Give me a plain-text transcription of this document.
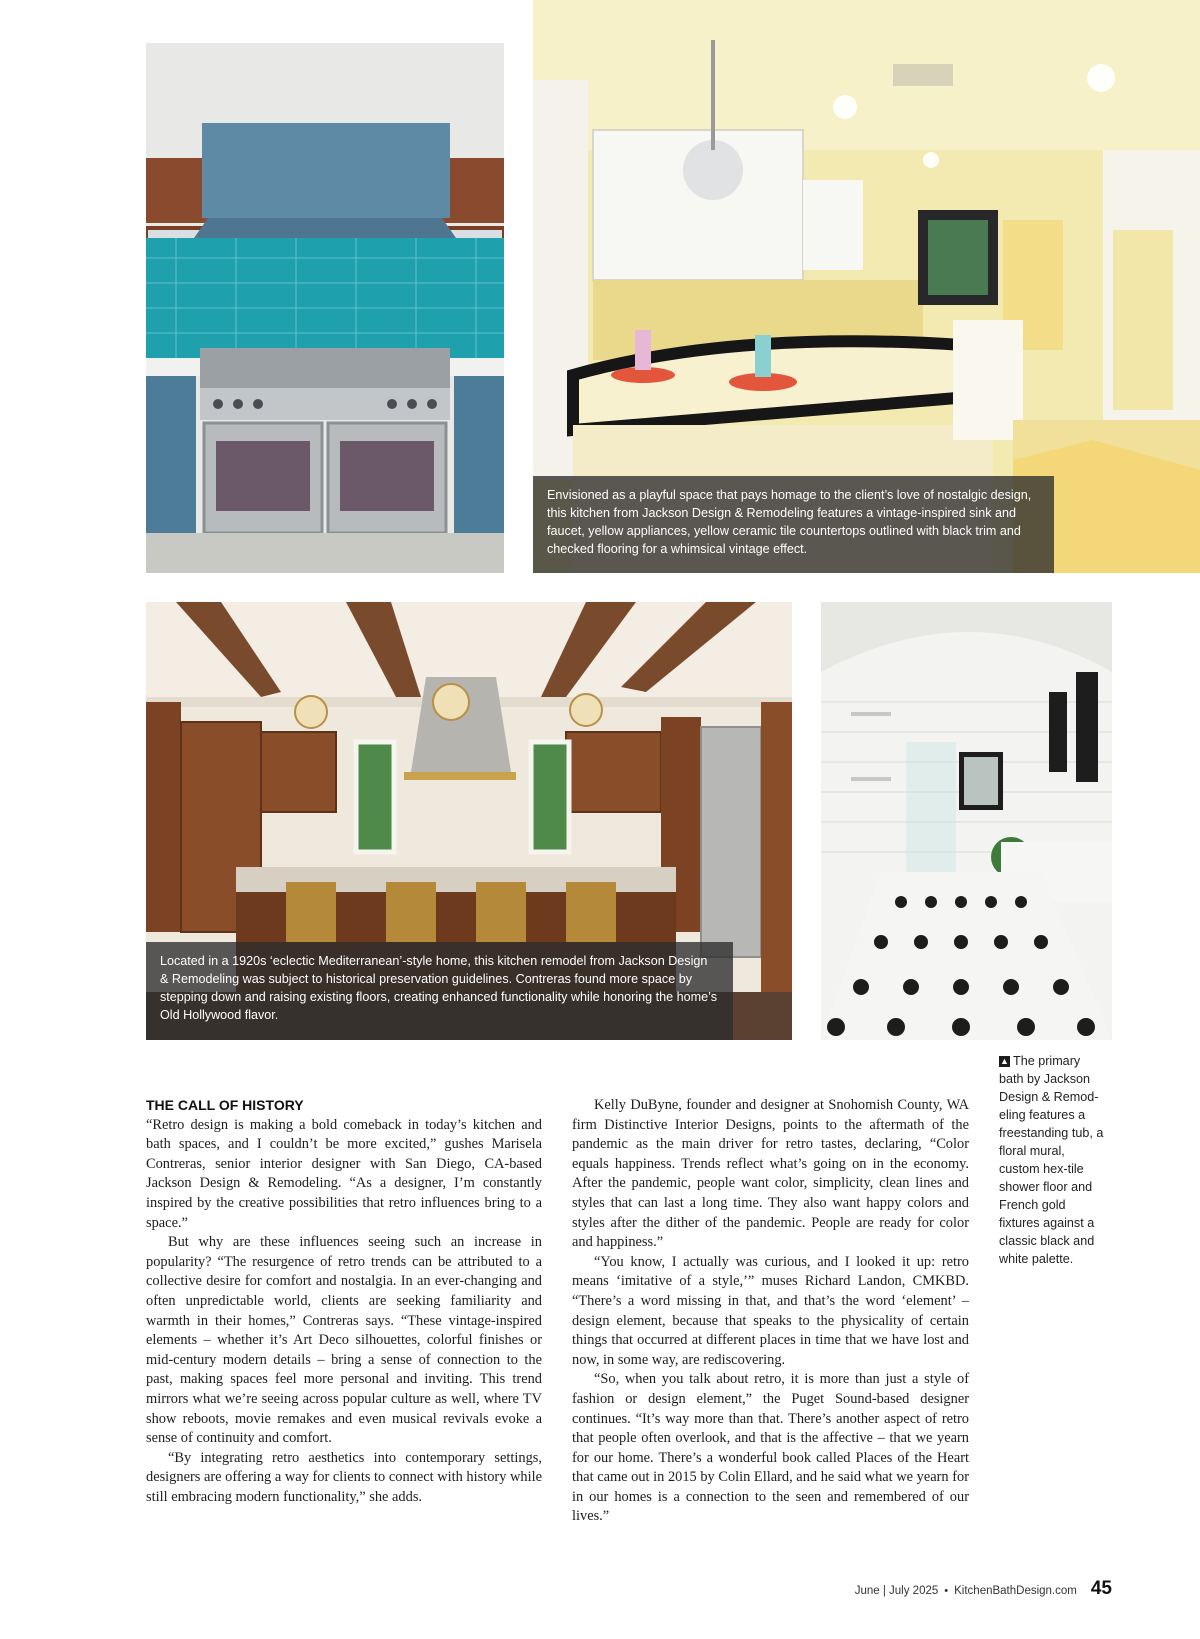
Envisioned as a playful space that pays homage to the client’s love of nostalgic design, this kitchen from Jackson Design & Remodeling features a vintage-inspired sink and faucet, yellow appliances, yellow ceramic tile countertops outlined with black trim and checked flooring for a whimsical vintage effect.

Located in a 1920s ‘eclectic Mediterranean’-style home, this kitchen remodel from Jackson Design & Remodeling was subject to historical preservation guidelines. Contreras found more space by stepping down and raising existing floors, creating enhanced functionality while honoring the home’s Old Hollywood flavor.

▲ The primary bath by Jackson Design & Remodeling features a freestanding tub, a floral mural, custom hex-tile shower floor and French gold fixtures against a classic black and white palette.
THE CALL OF HISTORY

“Retro design is making a bold comeback in today’s kitchen and bath spaces, and I couldn’t be more excited,” gushes Marisela Contreras, senior interior designer with San Diego, CA-based Jackson Design & Remodeling. “As a designer, I’m constantly inspired by the creative possibilities that retro influences bring to a space.”

But why are these influences seeing such an increase in popularity? “The resurgence of retro trends can be attributed to a collective desire for comfort and nostalgia. In an ever-changing and often unpredictable world, clients are seeking familiarity and warmth in their homes,” Contreras says. “These vintage-inspired elements – whether it’s Art Deco silhouettes, colorful finishes or mid-century modern details – bring a sense of connection to the past, making spaces feel more personal and inviting. This trend mirrors what we’re seeing across popular culture as well, where TV show reboots, movie remakes and even musical revivals evoke a sense of continuity and comfort.

“By integrating retro aesthetics into contemporary settings, designers are offering a way for clients to connect with history while still embracing modern functionality,” she adds.

Kelly DuByne, founder and designer at Snohomish County, WA firm Distinctive Interior Designs, points to the aftermath of the pandemic as the main driver for retro tastes, declaring, “Color equals happiness. Trends reflect what’s going on in the economy. After the pandemic, people want color, simplicity, clean lines and styles that can last a long time. They also want happy colors and styles after the dither of the pandemic. People are ready for color and happiness.”

“You know, I actually was curious, and I looked it up: retro means ‘imitative of a style,’” muses Richard Landon, CMKBD. “There’s a word missing in that, and that’s the word ‘element’ – design element, because that speaks to the physicality of certain things that occurred at different places in time that we have lost and now, in some way, are rediscovering.

“So, when you talk about retro, it is more than just a style of fashion or design element,” the Puget Sound-based designer continues. “It’s way more than that. There’s another aspect of retro that people often overlook, and that is the affective – that we yearn for our home. There’s a wonderful book called Places of the Heart that came out in 2015 by Colin Ellard, and he said what we yearn for in our homes is a connection to the seen and remembered of our lives.”

June | July 2025 • KitchenBathDesign.com 45
